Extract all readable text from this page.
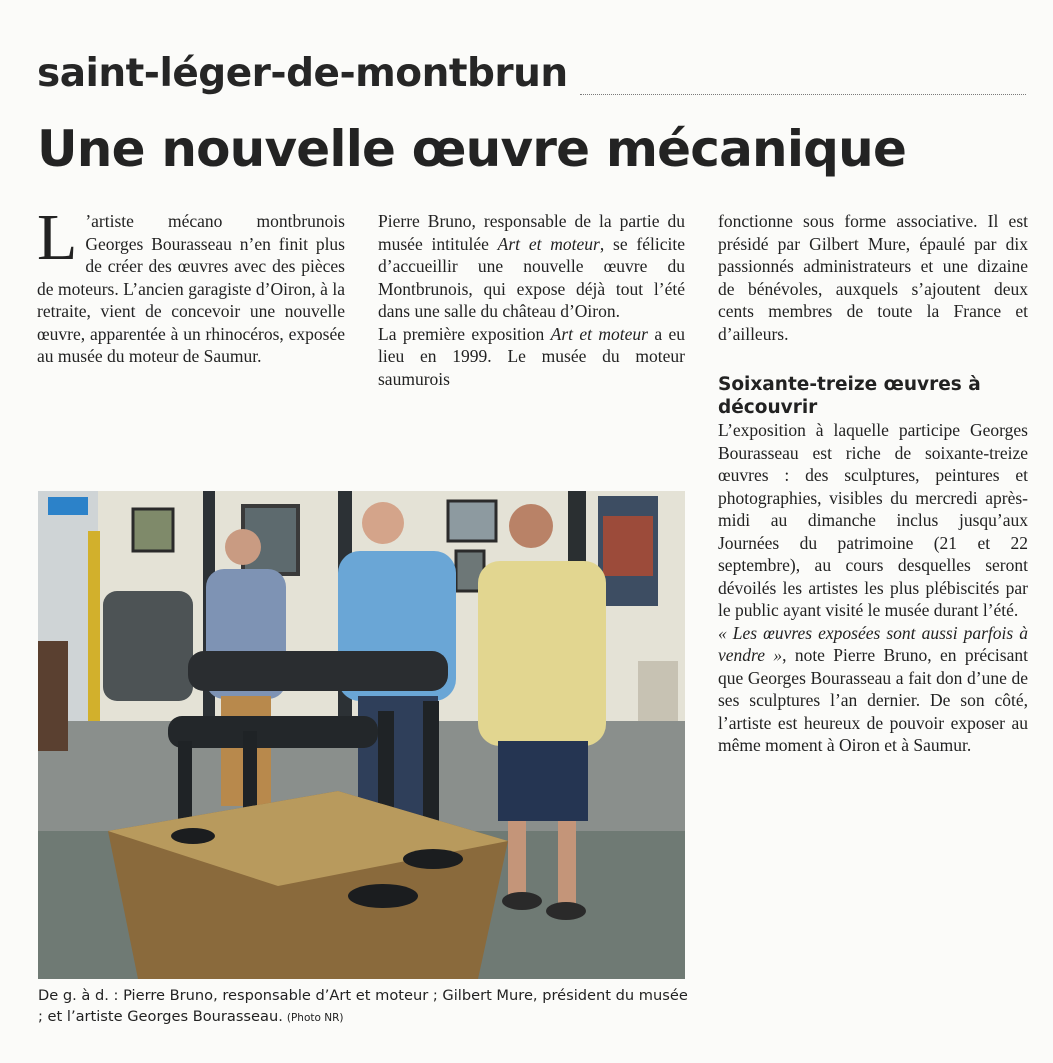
saint-léger-de-montbrun
Une nouvelle œuvre mécanique

L ’artiste mécano montbrunois Georges Bourasseau n’en finit plus de créer des œuvres avec des pièces de moteurs. L’ancien garagiste d’Oiron, à la retraite, vient de concevoir une nouvelle œuvre, apparentée à un rhinocéros, exposée au musée du moteur de Saumur.

Pierre Bruno, responsable de la partie du musée intitulée Art et moteur, se félicite d’accueillir une nouvelle œuvre du Montbrunois, qui expose déjà tout l’été dans une salle du château d’Oiron.

La première exposition Art et moteur a eu lieu en 1999. Le musée du moteur saumurois

fonctionne sous forme associative. Il est présidé par Gilbert Mure, épaulé par dix passionnés administrateurs et une dizaine de bénévoles, auxquels s’ajoutent deux cents membres de toute la France et d’ailleurs.

Soixante-treize œuvres à découvrir

L’exposition à laquelle participe Georges Bourasseau est riche de soixante-treize œuvres : des sculptures, peintures et photographies, visibles du mercredi après-midi au dimanche inclus jusqu’aux Journées du patrimoine (21 et 22 septembre), au cours desquelles seront dévoilés les artistes les plus plébiscités par le public ayant visité le musée durant l’été.

« Les œuvres exposées sont aussi parfois à vendre », note Pierre Bruno, en précisant que Georges Bourasseau a fait don d’une de ses sculptures l’an dernier. De son côté, l’artiste est heureux de pouvoir exposer au même moment à Oiron et à Saumur.

De g. à d. : Pierre Bruno, responsable d’Art et moteur ; Gilbert Mure, président du musée ; et l’artiste Georges Bourasseau. (Photo NR)
